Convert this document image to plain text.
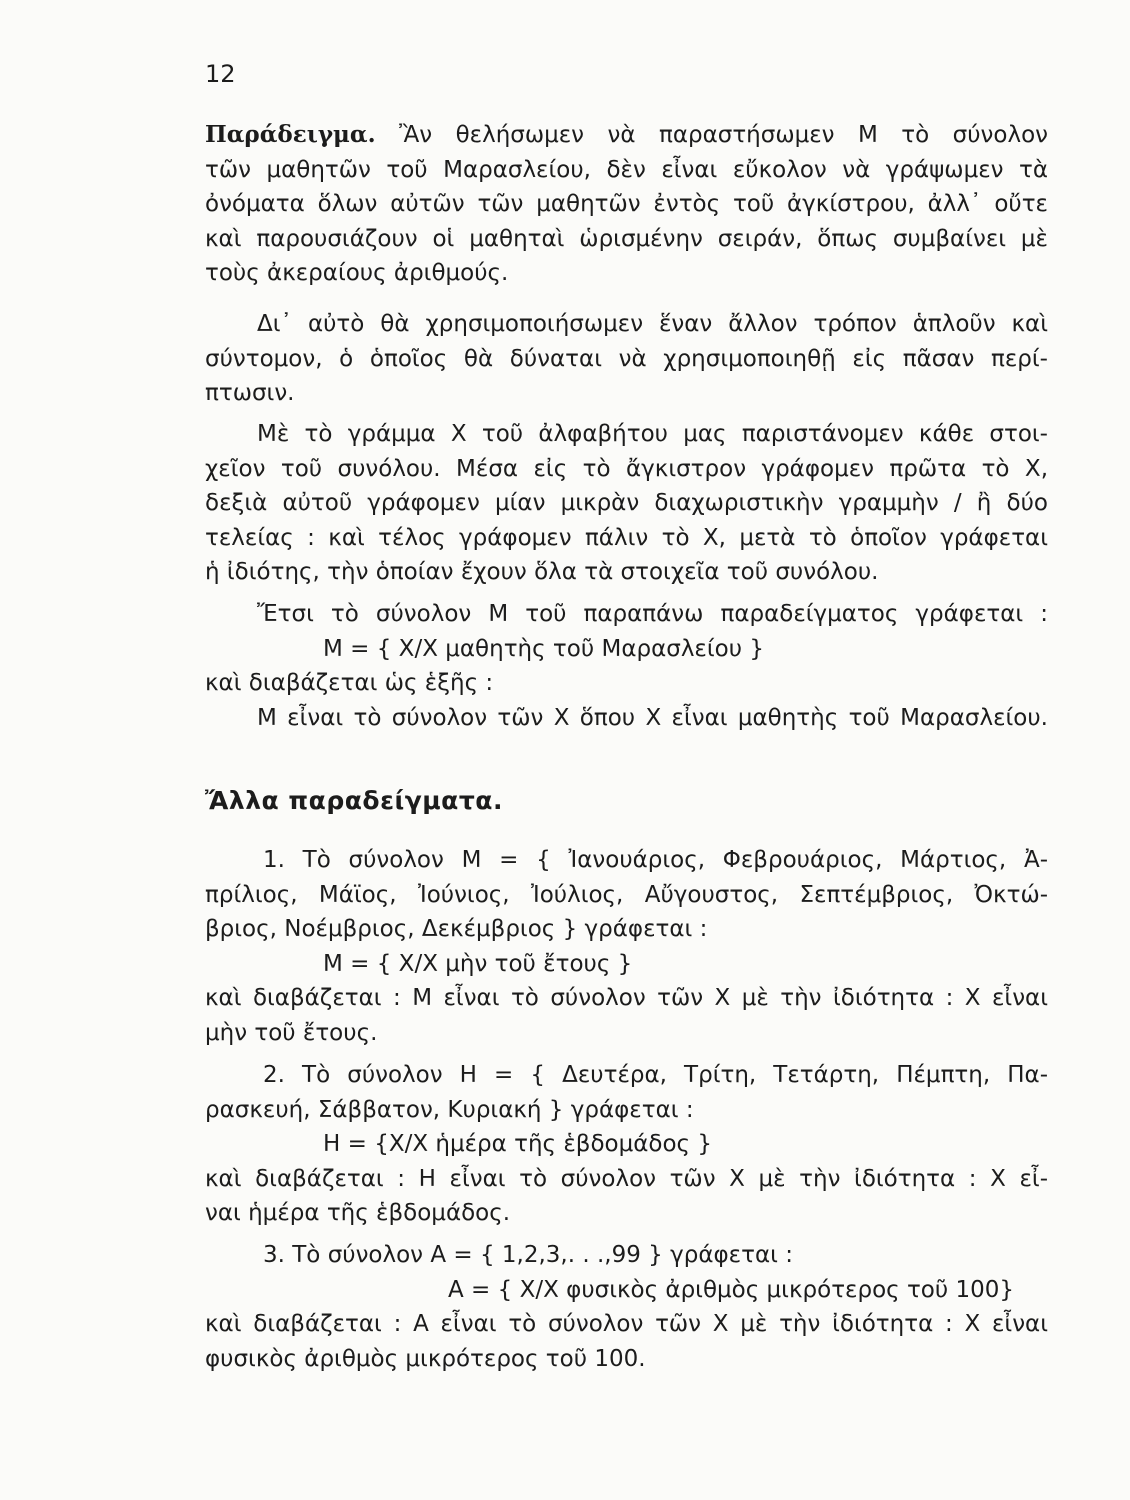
12
Παράδειγμα. Ἂν θελήσωμεν νὰ παραστήσωμεν Μ τὸ σύνολον
τῶν μαθητῶν τοῦ Μαρασλείου, δὲν εἶναι εὔκολον νὰ γράψωμεν τὰ
ὀνόματα ὅλων αὐτῶν τῶν μαθητῶν ἐντὸς τοῦ ἀγκίστρου, ἀλλ᾿ οὔτε
καὶ παρουσιάζουν οἱ μαθηταὶ ὡρισμένην σειράν, ὅπως συμβαίνει μὲ
τοὺς ἀκεραίους ἀριθμούς.
Δι᾿ αὐτὸ θὰ χρησιμοποιήσωμεν ἕναν ἄλλον τρόπον ἁπλοῦν καὶ
σύντομον, ὁ ὁποῖος θὰ δύναται νὰ χρησιμοποιηθῇ εἰς πᾶσαν περί-
πτωσιν.
Μὲ τὸ γράμμα Χ τοῦ ἀλφαβήτου μας παριστάνομεν κάθε στοι-
χεῖον τοῦ συνόλου. Μέσα εἰς τὸ ἄγκιστρον γράφομεν πρῶτα τὸ Χ,
δεξιὰ αὐτοῦ γράφομεν μίαν μικρὰν διαχωριστικὴν γραμμὴν / ἢ δύο
τελείας : καὶ τέλος γράφομεν πάλιν τὸ Χ, μετὰ τὸ ὁποῖον γράφεται
ἡ ἰδιότης, τὴν ὁποίαν ἔχουν ὅλα τὰ στοιχεῖα τοῦ συνόλου.
Ἔτσι τὸ σύνολον Μ τοῦ παραπάνω παραδείγματος γράφεται :
Μ = { Χ/Χ μαθητὴς τοῦ Μαρασλείου }
καὶ διαβάζεται ὡς ἑξῆς :
Μ εἶναι τὸ σύνολον τῶν Χ ὅπου Χ εἶναι μαθητὴς τοῦ Μαρασλείου.
Ἄλλα παραδείγματα.
1. Τὸ σύνολον Μ = { Ἰανουάριος, Φεβρουάριος, Μάρτιος, Ἀ-
πρίλιος, Μάϊος, Ἰούνιος, Ἰούλιος, Αὔγουστος, Σεπτέμβριος, Ὀκτώ-
βριος, Νοέμβριος, Δεκέμβριος } γράφεται :
Μ = { Χ/Χ μὴν τοῦ ἔτους }
καὶ διαβάζεται : Μ εἶναι τὸ σύνολον τῶν Χ μὲ τὴν ἰδιότητα : Χ εἶναι
μὴν τοῦ ἔτους.
2. Τὸ σύνολον Η = { Δευτέρα, Τρίτη, Τετάρτη, Πέμπτη, Πα-
ρασκευή, Σάββατον, Κυριακή } γράφεται :
Η = {Χ/Χ ἡμέρα τῆς ἑβδομάδος }
καὶ διαβάζεται : Η εἶναι τὸ σύνολον τῶν Χ μὲ τὴν ἰδιότητα : Χ εἶ-
ναι ἡμέρα τῆς ἑβδομάδος.
3. Τὸ σύνολον Α = { 1,2,3,. . .,99 } γράφεται :
Α = { Χ/Χ φυσικὸς ἀριθμὸς μικρότερος τοῦ 100}
καὶ διαβάζεται : Α εἶναι τὸ σύνολον τῶν Χ μὲ τὴν ἰδιότητα : Χ εἶναι
φυσικὸς ἀριθμὸς μικρότερος τοῦ 100.
